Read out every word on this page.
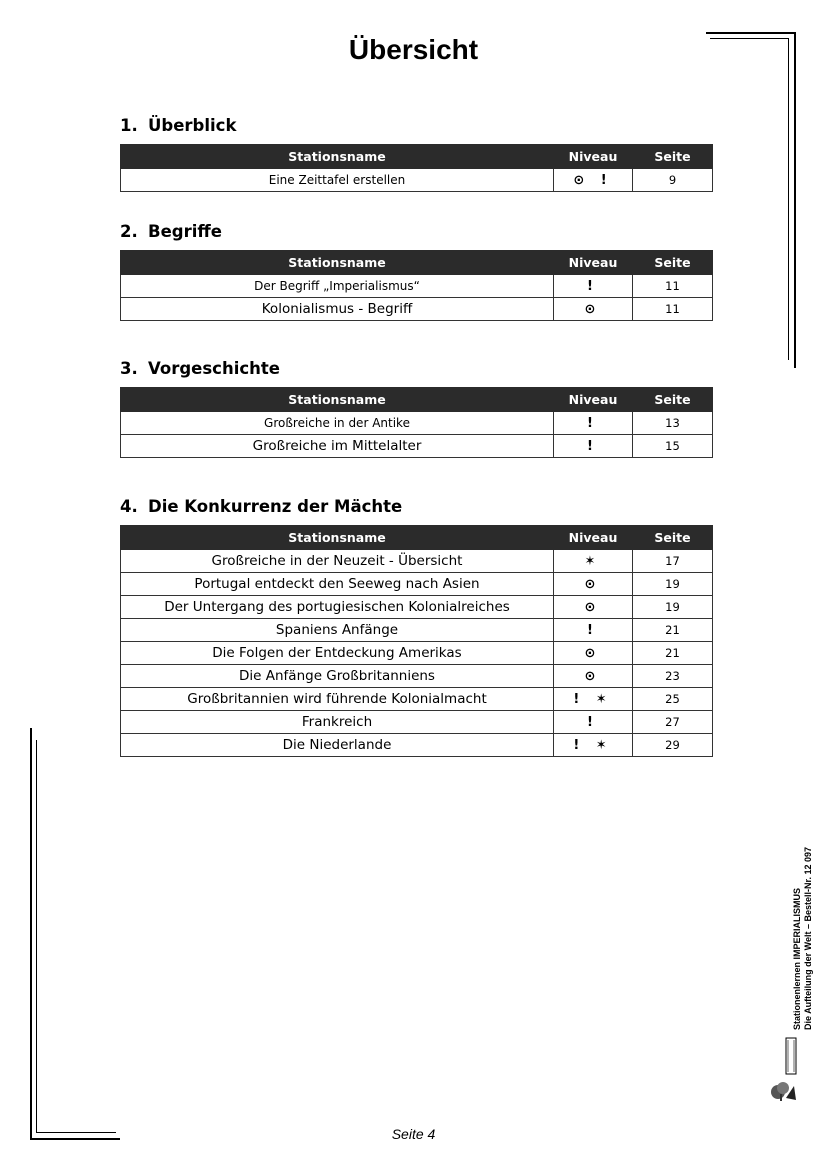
Übersicht
1. Überblick
Stationsname	Niveau	Seite
Eine Zeittafel erstellen	⊙ !	9
2. Begriffe
Stationsname	Niveau	Seite
Der Begriff „Imperialismus“	!	11
Kolonialismus - Begriff	⊙	11
3. Vorgeschichte
Stationsname	Niveau	Seite
Großreiche in der Antike	!	13
Großreiche im Mittelalter	!	15
4. Die Konkurrenz der Mächte
Stationsname	Niveau	Seite
Großreiche in der Neuzeit - Übersicht	✶	17
Portugal entdeckt den Seeweg nach Asien	⊙	19
Der Untergang des portugiesischen Kolonialreiches	⊙	19
Spaniens Anfänge	!	21
Die Folgen der Entdeckung Amerikas	⊙	21
Die Anfänge Großbritanniens	⊙	23
Großbritannien wird führende Kolonialmacht	! ✶	25
Frankreich	!	27
Die Niederlande	! ✶	29
Stationenlernen IMPERIALISMUS Die Aufteilung der Welt – Bestell-Nr. 12 097
Seite 4
